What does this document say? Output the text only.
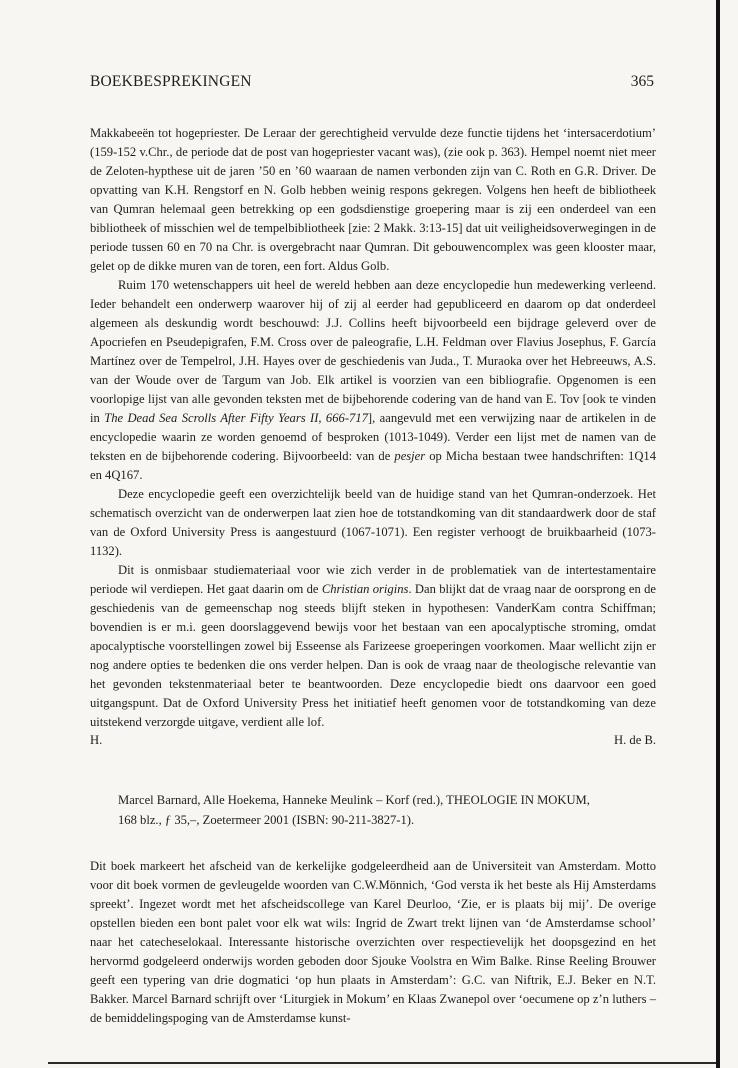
BOEKBESPREKINGEN	365

Makkabeeën tot hogepriester. De Leraar der gerechtigheid vervulde deze functie tijdens het ‘intersacerdotium’ (159-152 v.Chr., de periode dat de post van hogepriester vacant was), (zie ook p. 363). Hempel noemt niet meer de Zeloten-hypthese uit de jaren ’50 en ’60 waaraan de namen verbonden zijn van C. Roth en G.R. Driver. De opvatting van K.H. Rengstorf en N. Golb hebben weinig respons gekregen. Volgens hen heeft de bibliotheek van Qumran helemaal geen betrekking op een godsdienstige groepering maar is zij een onderdeel van een bibliotheek of misschien wel de tempelbibliotheek [zie: 2 Makk. 3:13-15] dat uit veiligheidsoverwegingen in de periode tussen 60 en 70 na Chr. is overgebracht naar Qumran. Dit gebouwencomplex was geen klooster maar, gelet op de dikke muren van de toren, een fort. Aldus Golb.

Ruim 170 wetenschappers uit heel de wereld hebben aan deze encyclopedie hun medewerking verleend. Ieder behandelt een onderwerp waarover hij of zij al eerder had gepubliceerd en daarom op dat onderdeel algemeen als deskundig wordt beschouwd: J.J. Collins heeft bijvoorbeeld een bijdrage geleverd over de Apocriefen en Pseudepigrafen, F.M. Cross over de paleografie, L.H. Feldman over Flavius Josephus, F. García Martínez over de Tempelrol, J.H. Hayes over de geschiedenis van Juda., T. Muraoka over het Hebreeuws, A.S. van der Woude over de Targum van Job. Elk artikel is voorzien van een bibliografie. Opgenomen is een voorlopige lijst van alle gevonden teksten met de bijbehorende codering van de hand van E. Tov [ook te vinden in The Dead Sea Scrolls After Fifty Years II, 666-717], aangevuld met een verwijzing naar de artikelen in de encyclopedie waarin ze worden genoemd of besproken (1013-1049). Verder een lijst met de namen van de teksten en de bijbehorende codering. Bijvoorbeeld: van de pesjer op Micha bestaan twee handschriften: 1Q14 en 4Q167.

Deze encyclopedie geeft een overzichtelijk beeld van de huidige stand van het Qumran-onderzoek. Het schematisch overzicht van de onderwerpen laat zien hoe de totstandkoming van dit standaardwerk door de staf van de Oxford University Press is aangestuurd (1067-1071). Een register verhoogt de bruikbaarheid (1073-1132).

Dit is onmisbaar studiemateriaal voor wie zich verder in de problematiek van de intertestamentaire periode wil verdiepen. Het gaat daarin om de Christian origins. Dan blijkt dat de vraag naar de oorsprong en de geschiedenis van de gemeenschap nog steeds blijft steken in hypothesen: VanderKam contra Schiffman; bovendien is er m.i. geen doorslaggevend bewijs voor het bestaan van een apocalyptische stroming, omdat apocalyptische voorstellingen zowel bij Esseense als Farizeese groeperingen voorkomen. Maar wellicht zijn er nog andere opties te bedenken die ons verder helpen. Dan is ook de vraag naar de theologische relevantie van het gevonden tekstenmateriaal beter te beantwoorden. Deze encyclopedie biedt ons daarvoor een goed uitgangspunt. Dat de Oxford University Press het initiatief heeft genomen voor de totstandkoming van deze uitstekend verzorgde uitgave, verdient alle lof.

H.	H. de B.
Marcel Barnard, Alle Hoekema, Hanneke Meulink – Korf (red.), THEOLOGIE IN MOKUM,
168 blz., ƒ 35,–, Zoetermeer 2001 (ISBN: 90-211-3827-1).

Dit boek markeert het afscheid van de kerkelijke godgeleerdheid aan de Universiteit van Amsterdam. Motto voor dit boek vormen de gevleugelde woorden van C.W.Mönnich, ‘God versta ik het beste als Hij Amsterdams spreekt’. Ingezet wordt met het afscheidscollege van Karel Deurloo, ‘Zie, er is plaats bij mij’. De overige opstellen bieden een bont palet voor elk wat wils: Ingrid de Zwart trekt lijnen van ‘de Amsterdamse school’ naar het catecheselokaal. Interessante historische overzichten over respectievelijk het doopsgezind en het hervormd godgeleerd onderwijs worden geboden door Sjouke Voolstra en Wim Balke. Rinse Reeling Brouwer geeft een typering van drie dogmatici ‘op hun plaats in Amsterdam’: G.C. van Niftrik, E.J. Beker en N.T. Bakker. Marcel Barnard schrijft over ‘Liturgiek in Mokum’ en Klaas Zwanepol over ‘oecumene op z’n luthers – de bemiddelingspoging van de Amsterdamse kunst-
